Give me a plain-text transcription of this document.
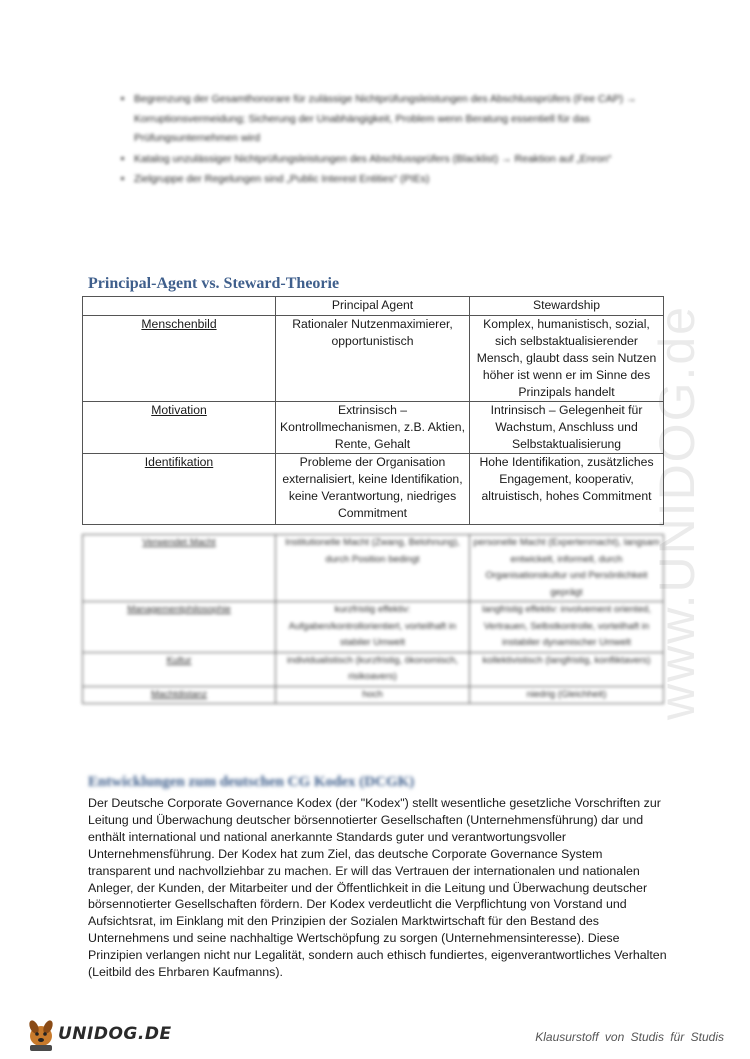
www.UNIDOG.de
• Begrenzung der Gesamthonorare für zulässige Nichtprüfungsleistungen des Abschlussprüfers (Fee CAP) → Korruptionsvermeidung; Sicherung der Unabhängigkeit, Problem wenn Beratung essentiell für das Prüfungsunternehmen wird
• Katalog unzulässiger Nichtprüfungsleistungen des Abschlussprüfers (Blacklist) → Reaktion auf „Enron“
• Zielgruppe der Regelungen sind „Public Interest Entities“ (PIEs)
Principal-Agent vs. Steward-Theorie
	Principal Agent	Stewardship
Menschenbild	Rationaler Nutzenmaximierer, opportunistisch	Komplex, humanistisch, sozial, sich selbstaktualisierender Mensch, glaubt dass sein Nutzen höher ist wenn er im Sinne des Prinzipals handelt
Motivation	Extrinsisch – Kontrollmechanismen, z.B. Aktien, Rente, Gehalt	Intrinsisch – Gelegenheit für Wachstum, Anschluss und Selbstaktualisierung

Identifikation	Probleme der Organisation externalisiert, keine Identifikation, keine Verantwortung, niedriges Commitment	Hohe Identifikation, zusätzliches Engagement, kooperativ, altruistisch, hohes Commitment
Verwendet Macht	Institutionelle Macht (Zwang, Belohnung), durch Position bedingt	personelle Macht (Expertenmacht), langsam entwickelt, informell, durch Organisationskultur und Persönlichkeit geprägt
Managementphilosophie	kurzfristig effektiv: Aufgaben/kontrollorientiert, vorteilhaft in stabiler Umwelt	langfristig effektiv: involvement oriented, Vertrauen, Selbstkontrolle, vorteilhaft in instabiler dynamischer Umwelt
Kultur	individualistisch (kurzfristig, ökonomisch, risikoavers)	kollektivistisch (langfristig, konfliktavers)
Machtdistanz	hoch	niedrig (Gleichheit)
Entwicklungen zum deutschen CG Kodex (DCGK)

Der Deutsche Corporate Governance Kodex (der "Kodex") stellt wesentliche gesetzliche Vorschriften zur Leitung und Überwachung deutscher börsennotierter Gesellschaften (Unternehmensführung) dar und enthält international und national anerkannte Standards guter und verantwortungsvoller Unternehmensführung. Der Kodex hat zum Ziel, das deutsche Corporate Governance System transparent und nachvollziehbar zu machen. Er will das Vertrauen der internationalen und nationalen Anleger, der Kunden, der Mitarbeiter und der Öffentlichkeit in die Leitung und Überwachung deutscher börsennotierter Gesellschaften fördern. Der Kodex verdeutlicht die Verpflichtung von Vorstand und Aufsichtsrat, im Einklang mit den Prinzipien der Sozialen Marktwirtschaft für den Bestand des Unternehmens und seine nachhaltige Wertschöpfung zu sorgen (Unternehmensinteresse). Diese Prinzipien verlangen nicht nur Legalität, sondern auch ethisch fundiertes, eigenverantwortliches Verhalten (Leitbild des Ehrbaren Kaufmanns).

UNIDOG.DE	Klausurstoff von Studis für Studis
